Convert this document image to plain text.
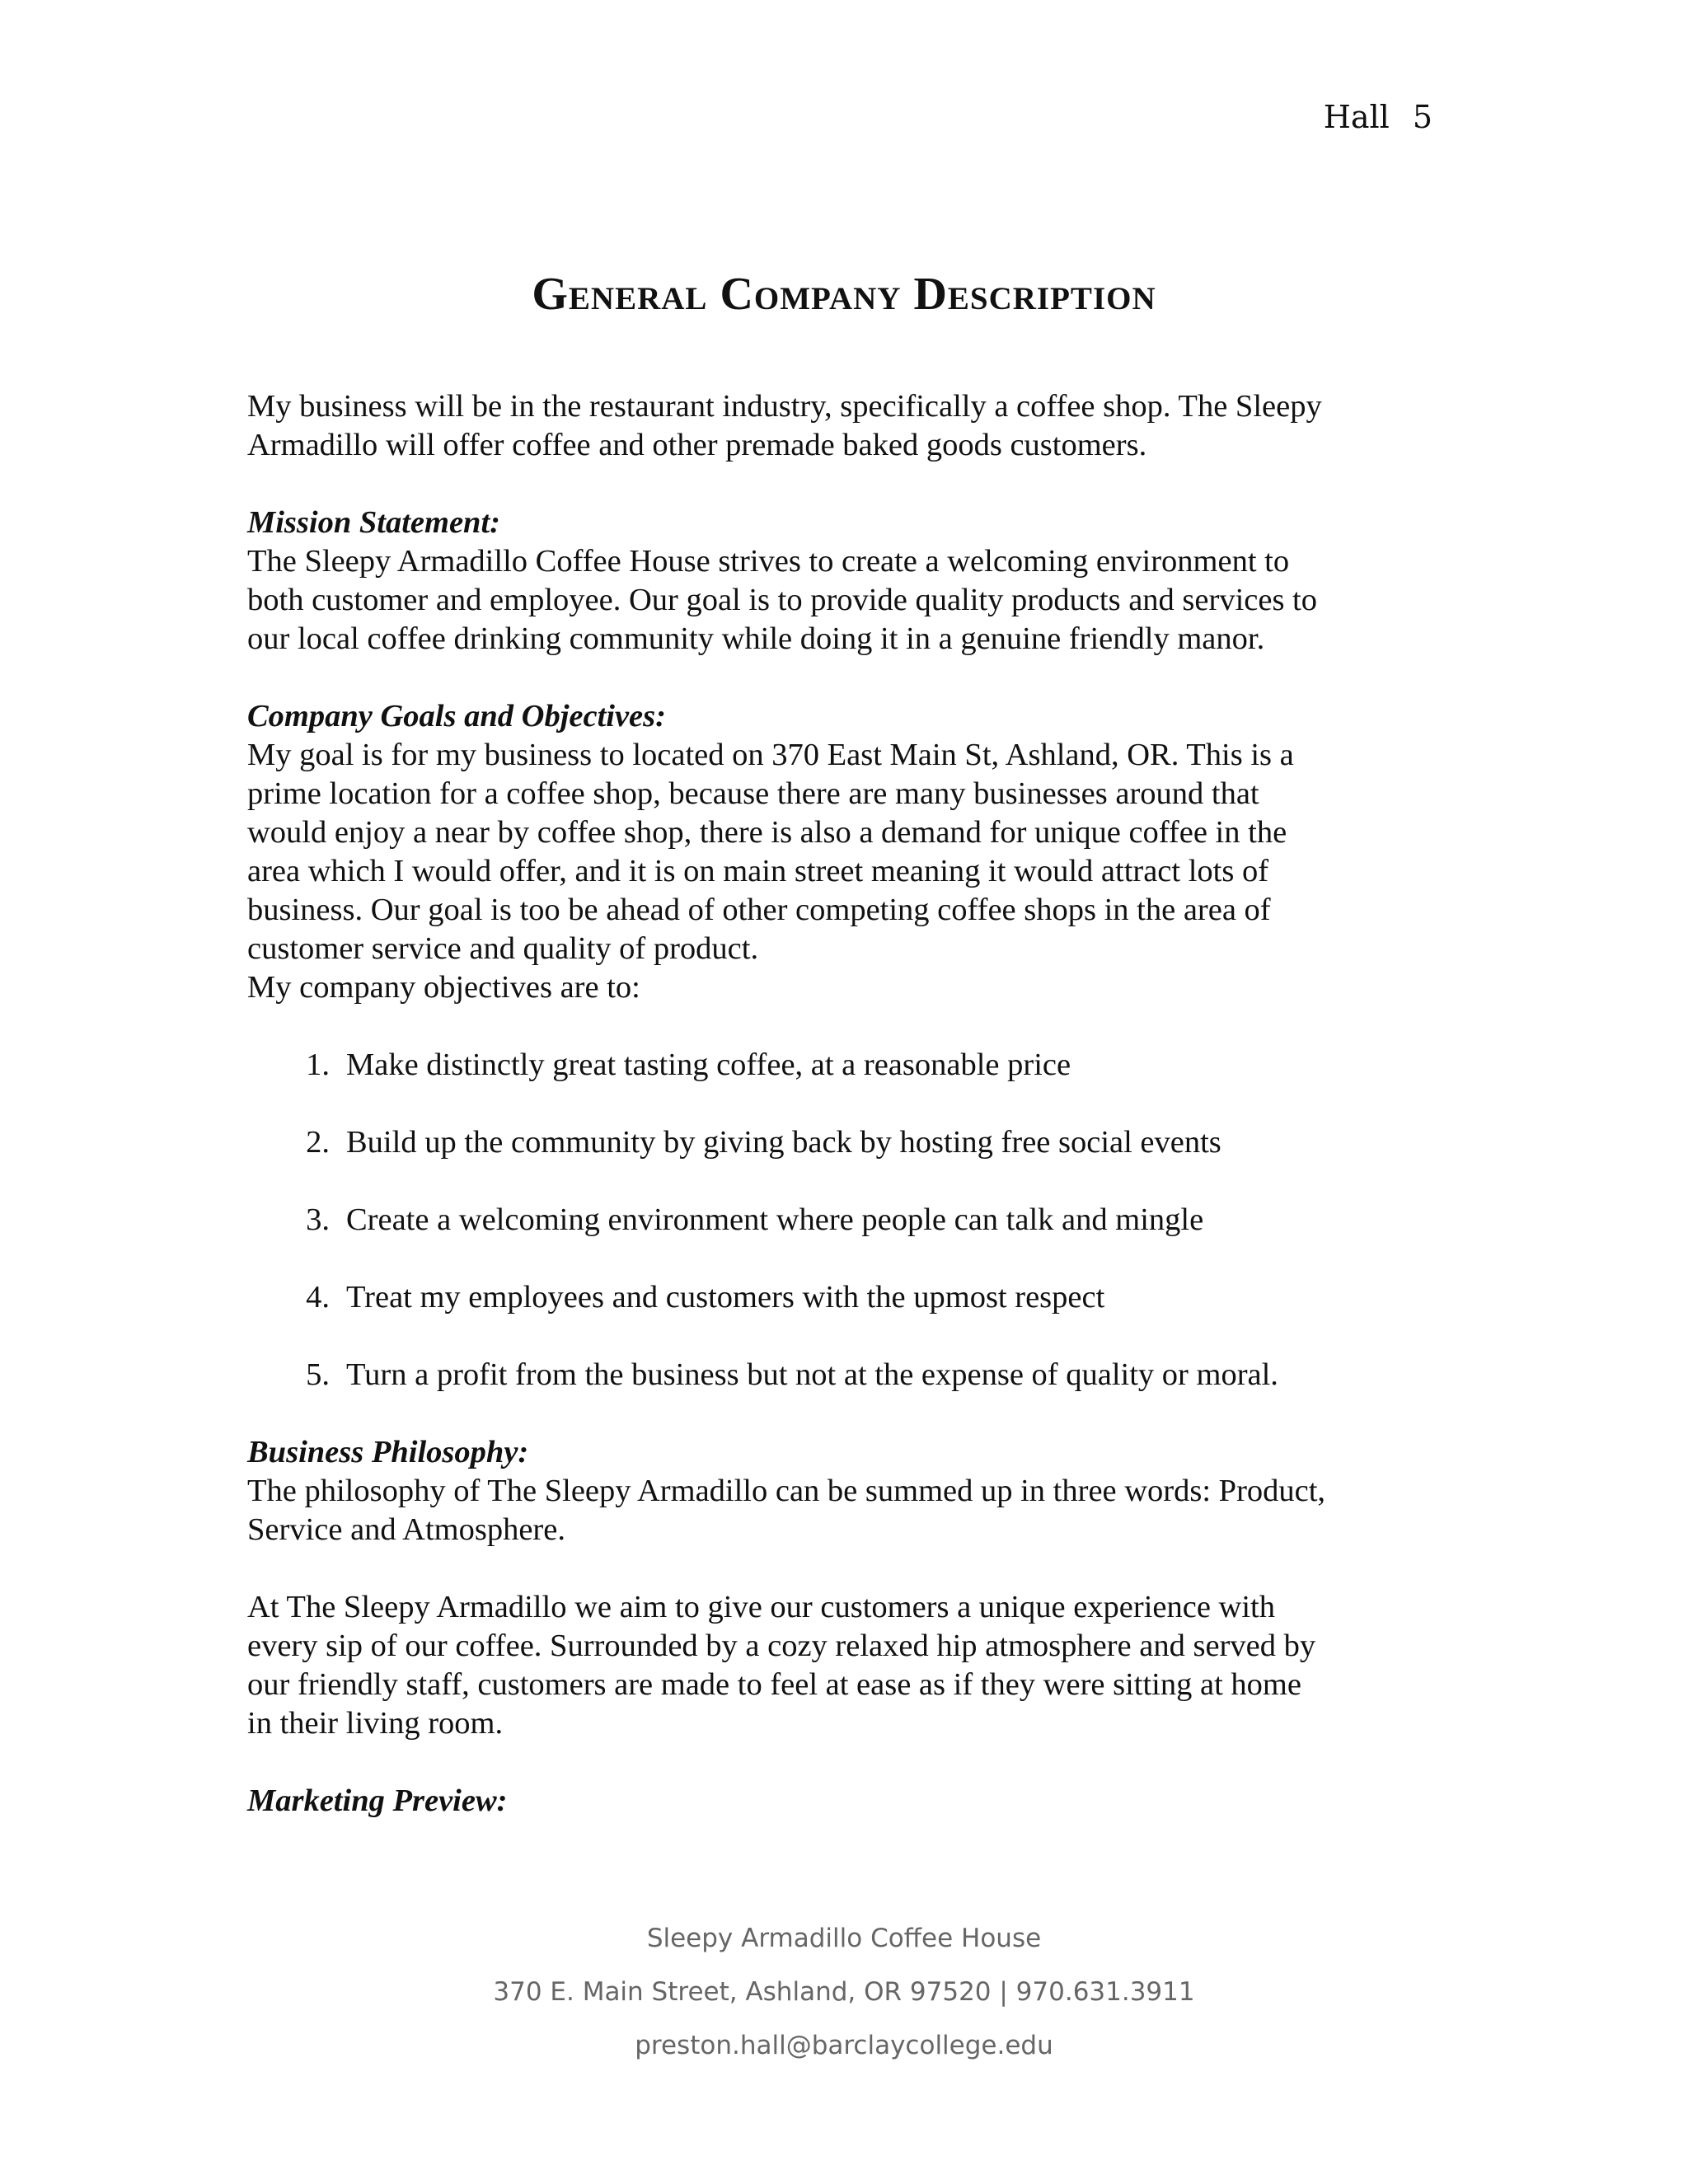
Hall 5
General Company Description

My business will be in the restaurant industry, specifically a coffee shop. The Sleepy

Armadillo will offer coffee and other premade baked goods customers.

Mission Statement:

The Sleepy Armadillo Coffee House strives to create a welcoming environment to

both customer and employee. Our goal is to provide quality products and services to

our local coffee drinking community while doing it in a genuine friendly manor.

Company Goals and Objectives:

My goal is for my business to located on 370 East Main St, Ashland, OR. This is a

prime location for a coffee shop, because there are many businesses around that

would enjoy a near by coffee shop, there is also a demand for unique coffee in the

area which I would offer, and it is on main street meaning it would attract lots of

business. Our goal is too be ahead of other competing coffee shops in the area of

customer service and quality of product.

My company objectives are to:

1. Make distinctly great tasting coffee, at a reasonable price
2. Build up the community by giving back by hosting free social events
3. Create a welcoming environment where people can talk and mingle
4. Treat my employees and customers with the upmost respect
5. Turn a profit from the business but not at the expense of quality or moral.

Business Philosophy:

The philosophy of The Sleepy Armadillo can be summed up in three words: Product,

Service and Atmosphere.

At The Sleepy Armadillo we aim to give our customers a unique experience with

every sip of our coffee. Surrounded by a cozy relaxed hip atmosphere and served by

our friendly staff, customers are made to feel at ease as if they were sitting at home

in their living room.

Marketing Preview:

Sleepy Armadillo Coffee House
370 E. Main Street, Ashland, OR 97520 | 970.631.3911
preston.hall@barclaycollege.edu
